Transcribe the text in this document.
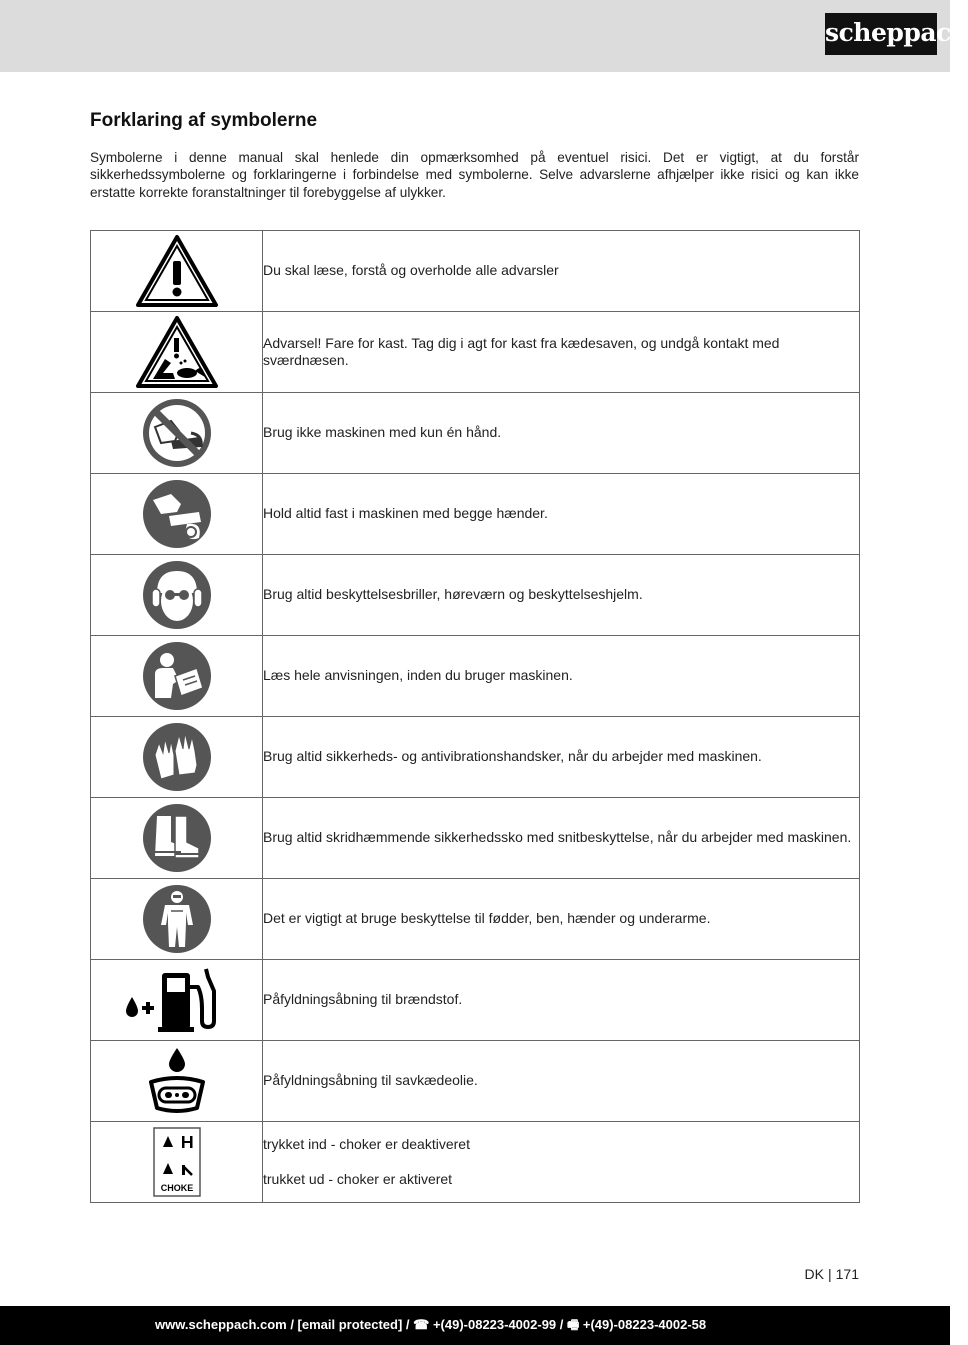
scheppach
Forklaring af symbolerne

Symbolerne i denne manual skal henlede din opmærksomhed på eventuel risici. Det er vigtigt, at du forstår sikkerhedssymbolerne og forklaringerne i forbindelse med symbolerne. Selve advarslerne afhjælper ikke risici og kan ikke erstatte korrekte foranstaltninger til forebyggelse af ulykker.

	Du skal læse, forstå og overholde alle advarsler

	Advarsel! Fare for kast. Tag dig i agt for kast fra kædesaven, og undgå kontakt med sværdnæsen.

	Brug ikke maskinen med kun én hånd.

	Hold altid fast i maskinen med begge hænder.

	Brug altid beskyttelsesbriller, høreværn og beskyttelseshjelm.

	Læs hele anvisningen, inden du bruger maskinen.

	Brug altid sikkerheds- og antivibrationshandsker, når du arbejder med maskinen.

	Brug altid skridhæmmende sikkerhedssko med snitbeskyttelse, når du arbejder med maskinen.

	Det er vigtigt at bruge beskyttelse til fødder, ben, hænder og underarme.

	Påfyldningsåbning til brændstof.

	Påfyldningsåbning til savkædeolie.

CHOKE	trykket ind - choker er deaktiveret
trukket ud - choker er aktiveret
DK | 171
www.scheppach.com / [email protected] / ☎ +(49)-08223-4002-99 / 🖷 +(49)-08223-4002-58
